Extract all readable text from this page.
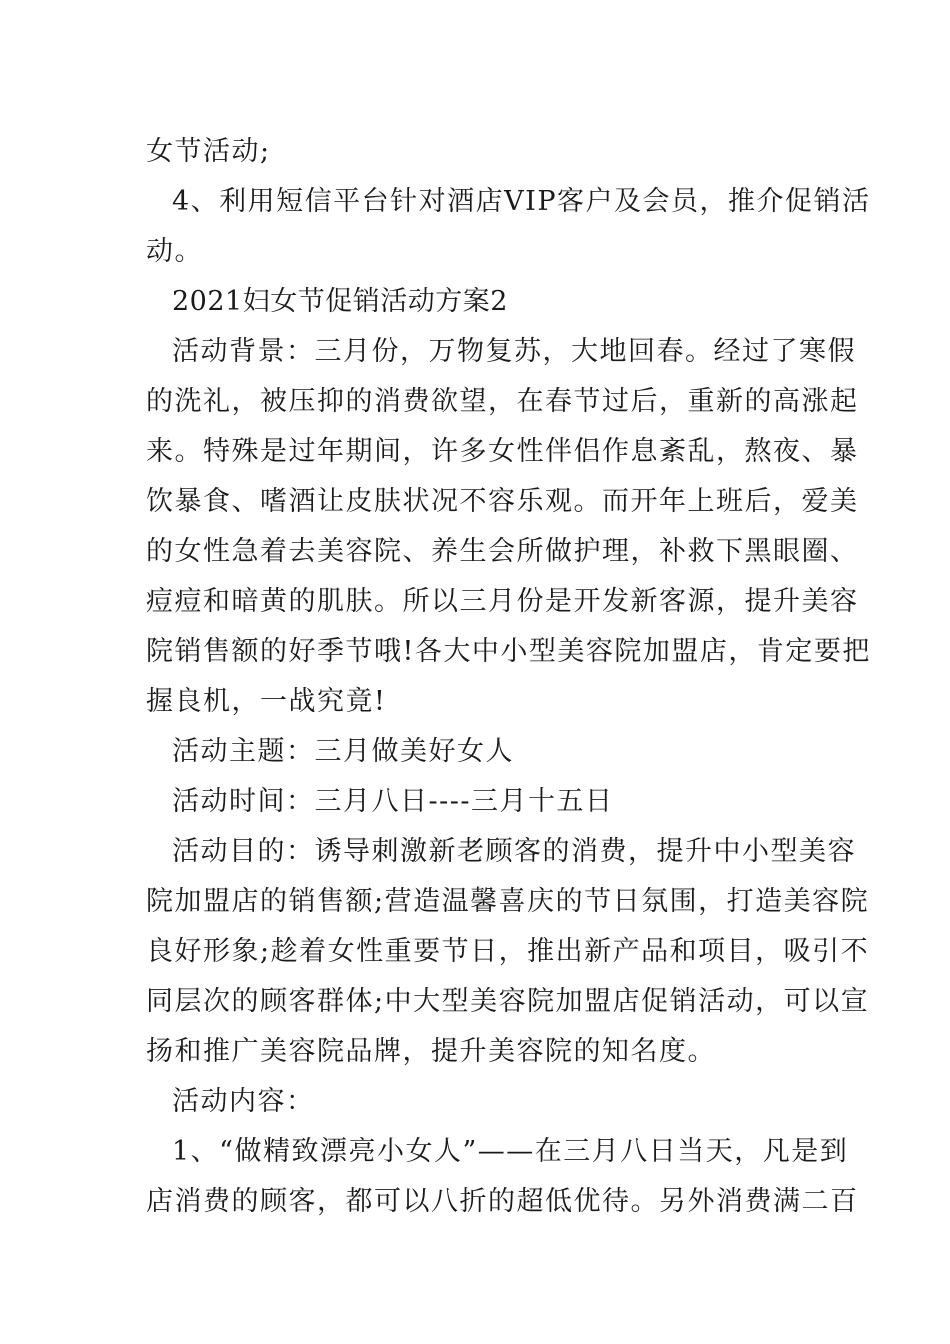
女节活动;
4、利用短信平台针对酒店VIP客户及会员，推介促销活
动。
2021妇女节促销活动方案2
活动背景：三月份，万物复苏，大地回春。经过了寒假
的洗礼，被压抑的消费欲望，在春节过后，重新的高涨起
来。特殊是过年期间，许多女性伴侣作息紊乱，熬夜、暴
饮暴食、嗜酒让皮肤状况不容乐观。而开年上班后，爱美
的女性急着去美容院、养生会所做护理，补救下黑眼圈、
痘痘和暗黄的肌肤。所以三月份是开发新客源，提升美容
院销售额的好季节哦!各大中小型美容院加盟店，肯定要把
握良机，一战究竟!
活动主题：三月做美好女人
活动时间：三月八日----三月十五日
活动目的：诱导刺激新老顾客的消费，提升中小型美容
院加盟店的销售额;营造温馨喜庆的节日氛围，打造美容院
良好形象;趁着女性重要节日，推出新产品和项目，吸引不
同层次的顾客群体;中大型美容院加盟店促销活动，可以宣
扬和推广美容院品牌，提升美容院的知名度。
活动内容：
1、“做精致漂亮小女人”——在三月八日当天，凡是到
店消费的顾客，都可以八折的超低优待。另外消费满二百
